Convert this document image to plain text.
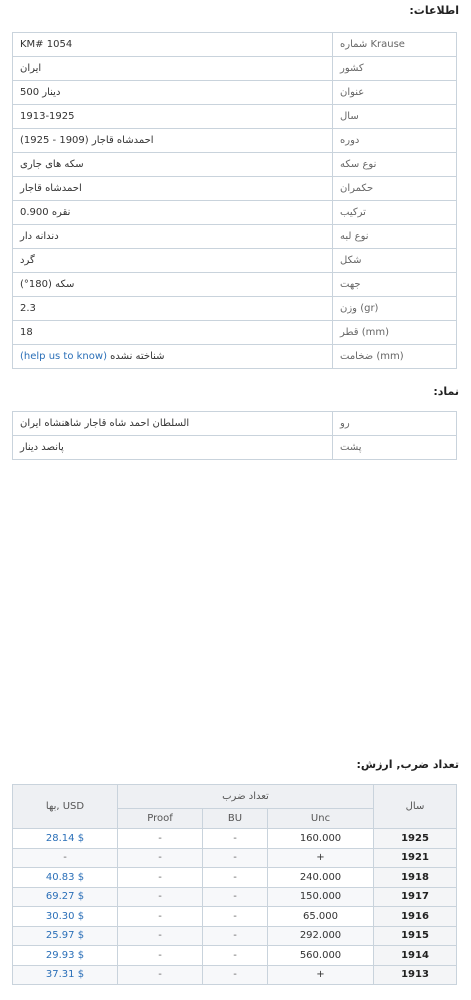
اطلاعات:
KM# 1054	شماره Krause
ایران	کشور
500 دینار	عنوان
1913-1925	سال
احمدشاه قاجار (1909 - 1925)	دوره
سکه های جاری	نوع سکه
احمدشاه قاجار	حکمران
نقره 0.900	ترکیب
دندانه دار	نوع لبه
گرد	شکل
سکه (180°)	جهت
2.3	وزن (gr)
18	قطر (mm)
(help us to know) شناخته نشده	ضخامت (mm)
نماد:
السلطان احمد شاه قاجار شاهنشاه ایران	رو
پانصد دینار	پشت
تعداد ضرب, ارزش:
بها, USD	تعداد ضرب			سال
	Proof	BU	Unc	
28.14 $	-	-	160.000	1925
-	-	-	+	1921
40.83 $	-	-	240.000	1918
69.27 $	-	-	150.000	1917
30.30 $	-	-	65.000	1916
25.97 $	-	-	292.000	1915
29.93 $	-	-	560.000	1914
37.31 $	-	-	+	1913
